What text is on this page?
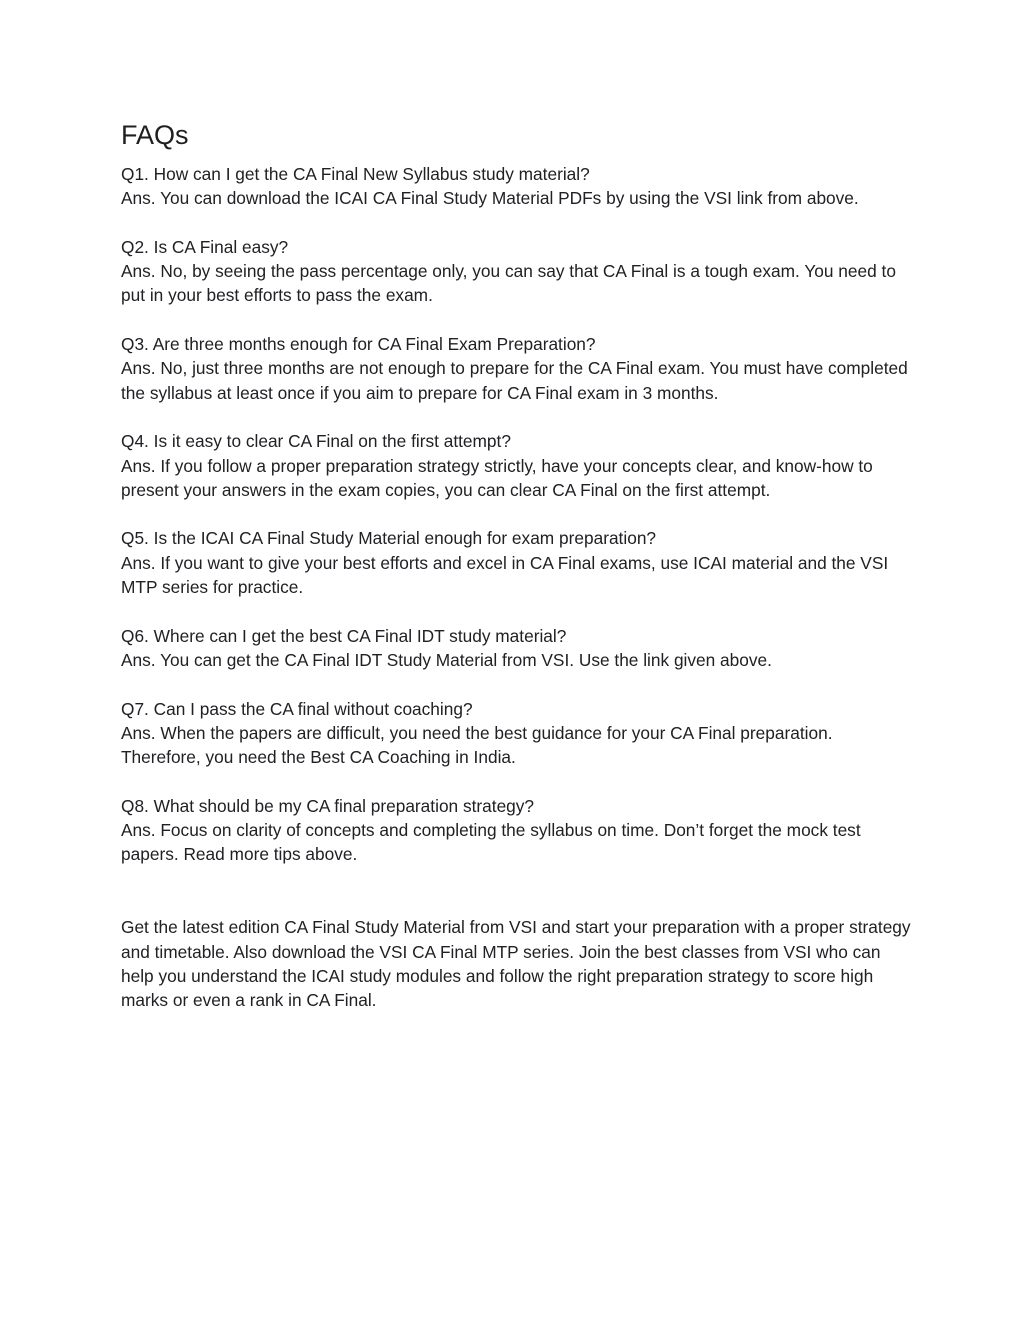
FAQs

Q1. How can I get the CA Final New Syllabus study material?

Ans. You can download the ICAI CA Final Study Material PDFs by using the VSI link from above.

Q2. Is CA Final easy?

Ans. No, by seeing the pass percentage only, you can say that CA Final is a tough exam. You need to put in your best efforts to pass the exam.

Q3. Are three months enough for CA Final Exam Preparation?

Ans. No, just three months are not enough to prepare for the CA Final exam. You must have completed the syllabus at least once if you aim to prepare for CA Final exam in 3 months.

Q4. Is it easy to clear CA Final on the first attempt?

Ans. If you follow a proper preparation strategy strictly, have your concepts clear, and know-how to present your answers in the exam copies, you can clear CA Final on the first attempt.

Q5. Is the ICAI CA Final Study Material enough for exam preparation?

Ans. If you want to give your best efforts and excel in CA Final exams, use ICAI material and the VSI MTP series for practice.

Q6. Where can I get the best CA Final IDT study material?

Ans. You can get the CA Final IDT Study Material from VSI. Use the link given above.

Q7. Can I pass the CA final without coaching?

Ans. When the papers are difficult, you need the best guidance for your CA Final preparation. Therefore, you need the Best CA Coaching in India.

Q8. What should be my CA final preparation strategy?

Ans. Focus on clarity of concepts and completing the syllabus on time. Don’t forget the mock test papers. Read more tips above.

Get the latest edition CA Final Study Material from VSI and start your preparation with a proper strategy and timetable. Also download the VSI CA Final MTP series. Join the best classes from VSI who can help you understand the ICAI study modules and follow the right preparation strategy to score high marks or even a rank in CA Final.
